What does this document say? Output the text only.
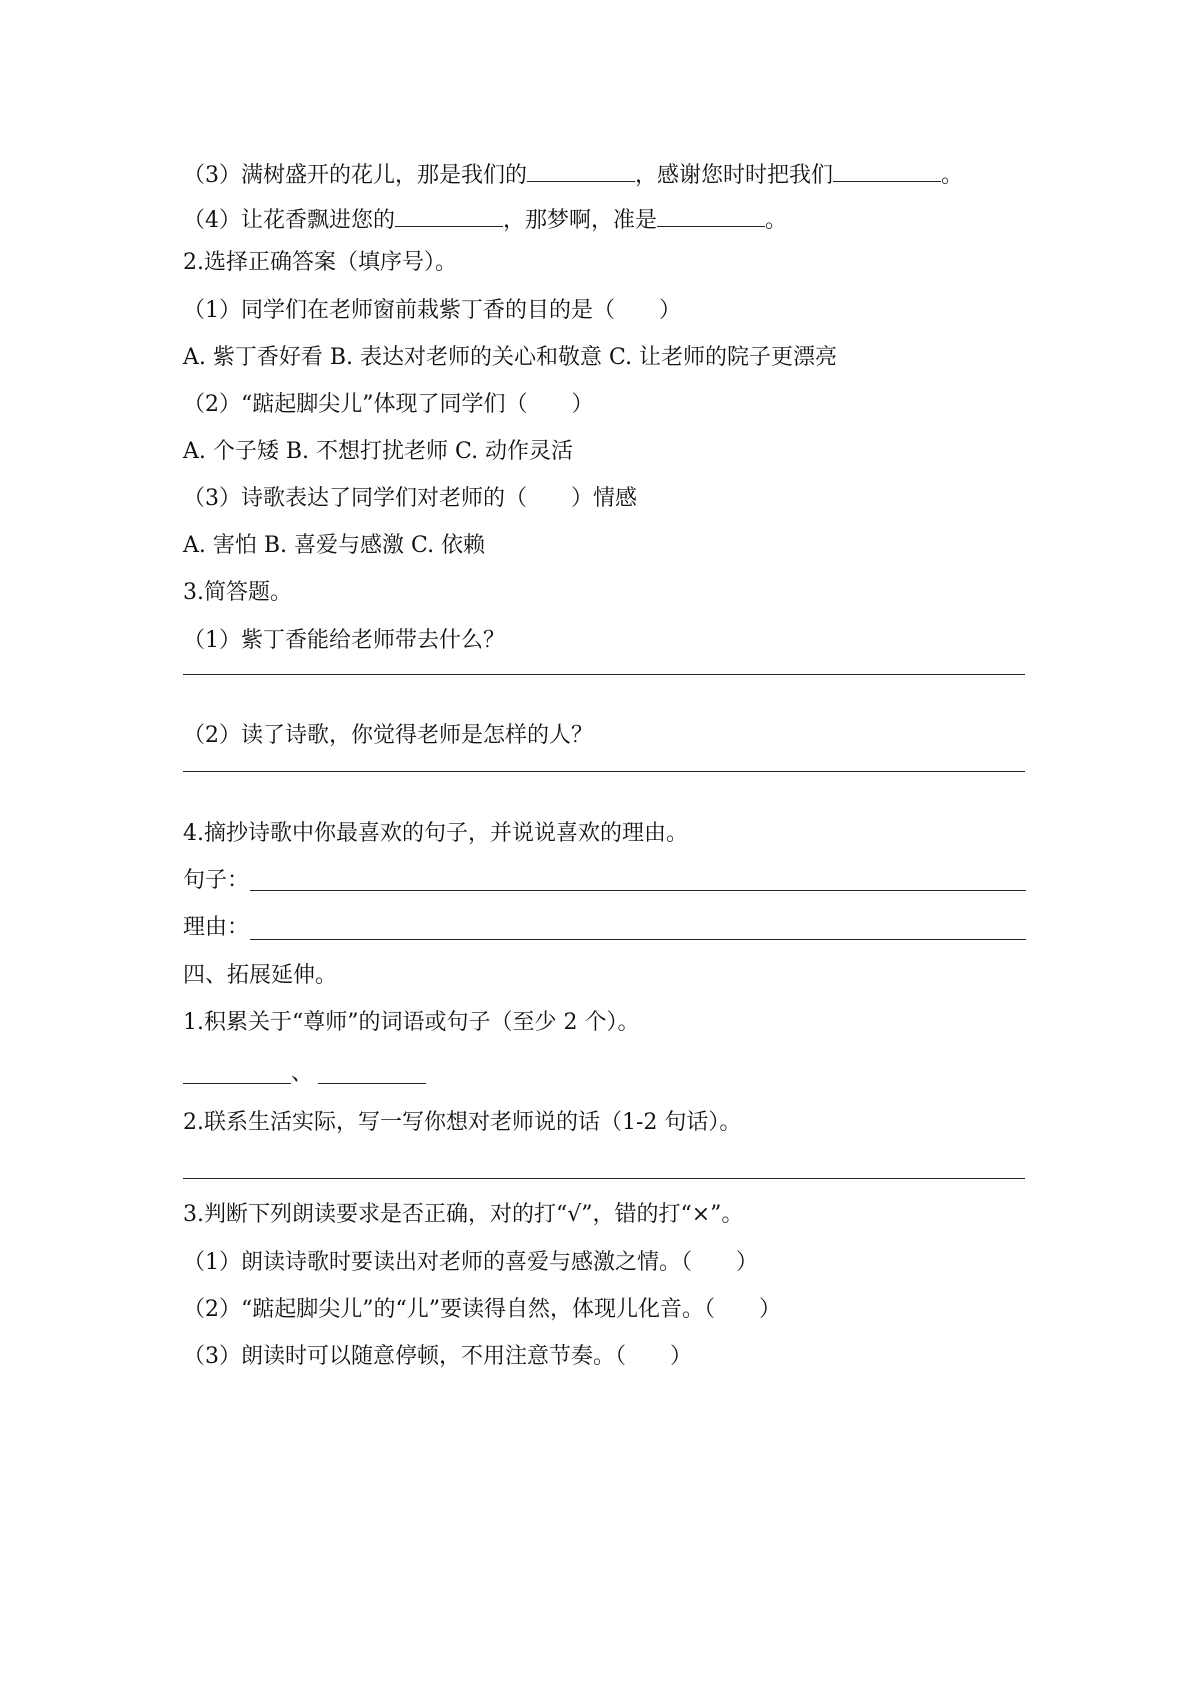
（3）满树盛开的花儿，那是我们的	，感谢您时时把我们	。
（4）让花香飘进您的	，那梦啊，准是	。
2.选择正确答案（填序号）。
（1）同学们在老师窗前栽紫丁香的目的是（　　）
A. 紫丁香好看 B. 表达对老师的关心和敬意 C. 让老师的院子更漂亮
（2）“踮起脚尖儿”体现了同学们（　　）
A. 个子矮 B. 不想打扰老师 C. 动作灵活
（3）诗歌表达了同学们对老师的（　　）情感
A. 害怕 B. 喜爱与感激 C. 依赖
3.简答题。
（1）紫丁香能给老师带去什么？
（2）读了诗歌，你觉得老师是怎样的人？
4.摘抄诗歌中你最喜欢的句子，并说说喜欢的理由。
句子：
理由：
四、拓展延伸。
1.积累关于“尊师”的词语或句子（至少 2 个）。
、
2.联系生活实际，写一写你想对老师说的话（1-2 句话）。
3.判断下列朗读要求是否正确，对的打“√”，错的打“×”。
（1）朗读诗歌时要读出对老师的喜爱与感激之情。（　　）
（2）“踮起脚尖儿”的“儿”要读得自然，体现儿化音。（　　）
（3）朗读时可以随意停顿，不用注意节奏。（　　）
